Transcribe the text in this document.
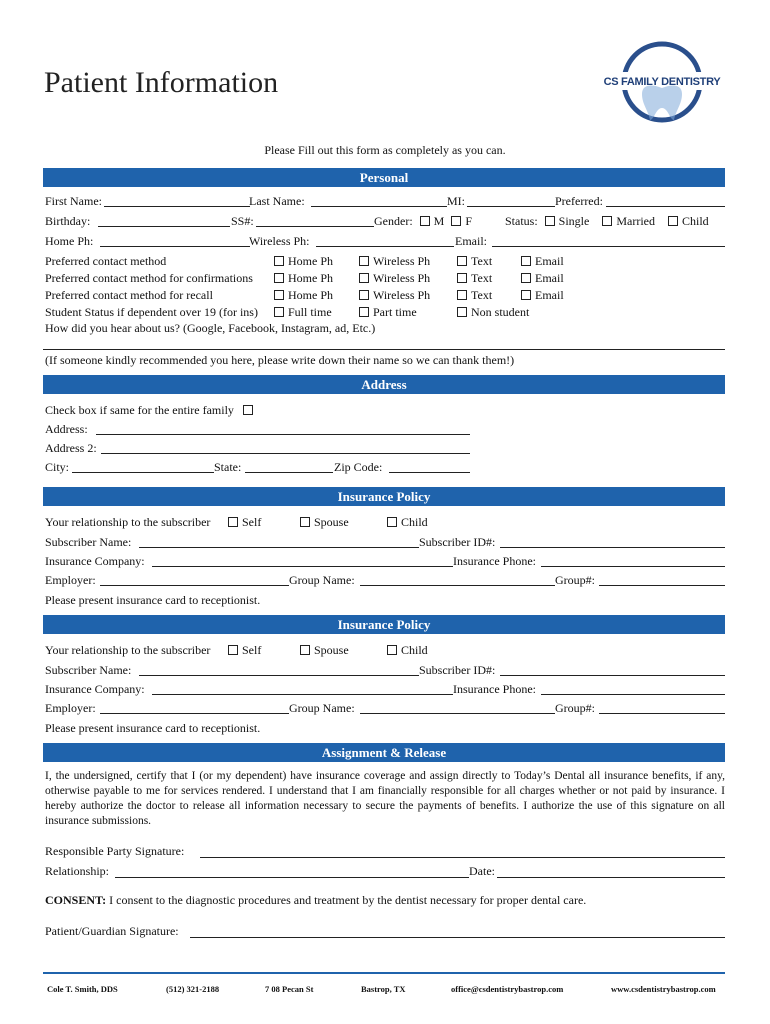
Patient Information	CS FAMILY DENTISTRY
Please Fill out this form as completely as you can.
Personal
First Name:	Last Name:	MI:	Preferred:
Birthday:	SS#:	Gender: M F	Status: Single Married Child
Home Ph:	Wireless Ph:	Email:
Preferred contact method	Home Ph	Wireless Ph	Text	Email
Preferred contact method for confirmations	Home Ph	Wireless Ph	Text	Email
Preferred contact method for recall	Home Ph	Wireless Ph	Text	Email
Student Status if dependent over 19 (for ins)	Full time	Part time	Non student
How did you hear about us? (Google, Facebook, Instagram, ad, Etc.)
(If someone kindly recommended you here, please write down their name so we can thank them!)
Address
Check box if same for the entire family
Address:
Address 2:
City:	State:	Zip Code:
Insurance Policy
Your relationship to the subscriber	Self	Spouse	Child
Subscriber Name:	Subscriber ID#:
Insurance Company:	Insurance Phone:
Employer:	Group Name:	Group#:
Please present insurance card to receptionist.
Insurance Policy
Your relationship to the subscriber	Self	Spouse	Child
Subscriber Name:	Subscriber ID#:
Insurance Company:	Insurance Phone:
Employer:	Group Name:	Group#:
Please present insurance card to receptionist.
Assignment & Release
I, the undersigned, certify that I (or my dependent) have insurance coverage and assign directly to Today’s Dental all insurance benefits, if any, otherwise payable to me for services rendered. I understand that I am financially responsible for all charges whether or not paid by insurance. I hereby authorize the doctor to release all information necessary to secure the payments of benefits. I authorize the use of this signature on all insurance submissions.
Responsible Party Signature:
Relationship:	Date:
CONSENT: I consent to the diagnostic procedures and treatment by the dentist necessary for proper dental care.
Patient/Guardian Signature:
Cole T. Smith, DDS	(512) 321-2188	7 08 Pecan St	Bastrop, TX	office@csdentistrybastrop.com	www.csdentistrybastrop.com
